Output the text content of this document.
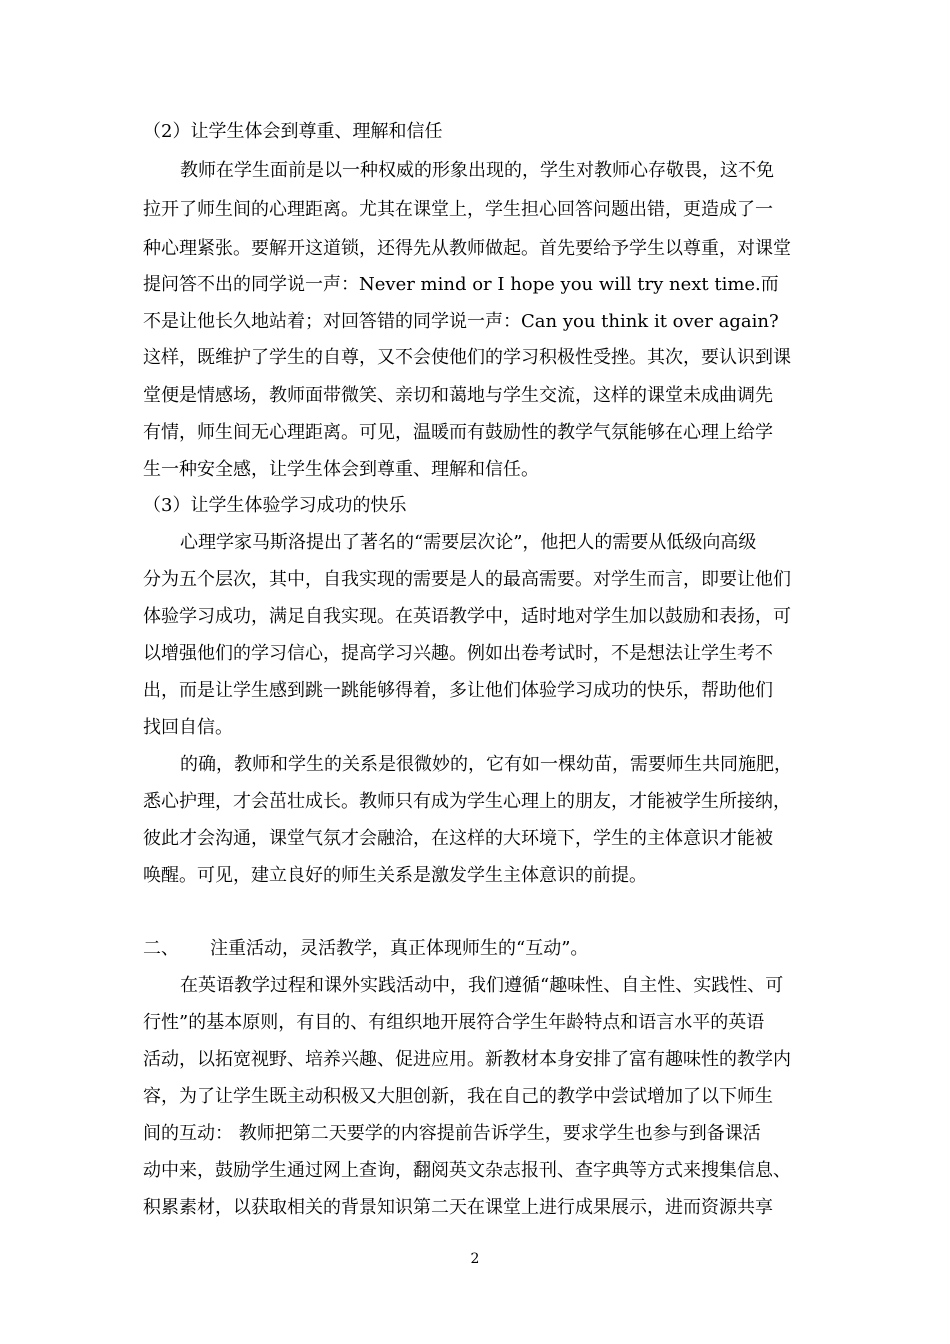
（2）让学生体会到尊重、理解和信任
教师在学生面前是以一种权威的形象出现的，学生对教师心存敬畏，这不免
拉开了师生间的心理距离。尤其在课堂上，学生担心回答问题出错，更造成了一
种心理紧张。要解开这道锁，还得先从教师做起。首先要给予学生以尊重，对课堂
提问答不出的同学说一声：Never mind or I hope you will try next time.而
不是让他长久地站着；对回答错的同学说一声：Can you think it over again?
这样，既维护了学生的自尊，又不会使他们的学习积极性受挫。其次，要认识到课
堂便是情感场，教师面带微笑、亲切和蔼地与学生交流，这样的课堂未成曲调先
有情，师生间无心理距离。可见，温暖而有鼓励性的教学气氛能够在心理上给学
生一种安全感，让学生体会到尊重、理解和信任。
（3）让学生体验学习成功的快乐
心理学家马斯洛提出了著名的“需要层次论”，他把人的需要从低级向高级
分为五个层次，其中，自我实现的需要是人的最高需要。对学生而言，即要让他们
体验学习成功，满足自我实现。在英语教学中，适时地对学生加以鼓励和表扬，可
以增强他们的学习信心，提高学习兴趣。例如出卷考试时，不是想法让学生考不
出，而是让学生感到跳一跳能够得着，多让他们体验学习成功的快乐，帮助他们
找回自信。
的确，教师和学生的关系是很微妙的，它有如一棵幼苗，需要师生共同施肥，
悉心护理，才会茁壮成长。教师只有成为学生心理上的朋友，才能被学生所接纳，
彼此才会沟通，课堂气氛才会融洽，在这样的大环境下，学生的主体意识才能被
唤醒。可见，建立良好的师生关系是激发学生主体意识的前提。
二、 注重活动，灵活教学，真正体现师生的“互动”。
在英语教学过程和课外实践活动中，我们遵循“趣味性、自主性、实践性、可
行性”的基本原则，有目的、有组织地开展符合学生年龄特点和语言水平的英语
活动，以拓宽视野、培养兴趣、促进应用。新教材本身安排了富有趣味性的教学内
容，为了让学生既主动积极又大胆创新，我在自己的教学中尝试增加了以下师生
间的互动： 教师把第二天要学的内容提前告诉学生，要求学生也参与到备课活
动中来，鼓励学生通过网上查询，翻阅英文杂志报刊、查字典等方式来搜集信息、
积累素材，以获取相关的背景知识第二天在课堂上进行成果展示，进而资源共享
2
